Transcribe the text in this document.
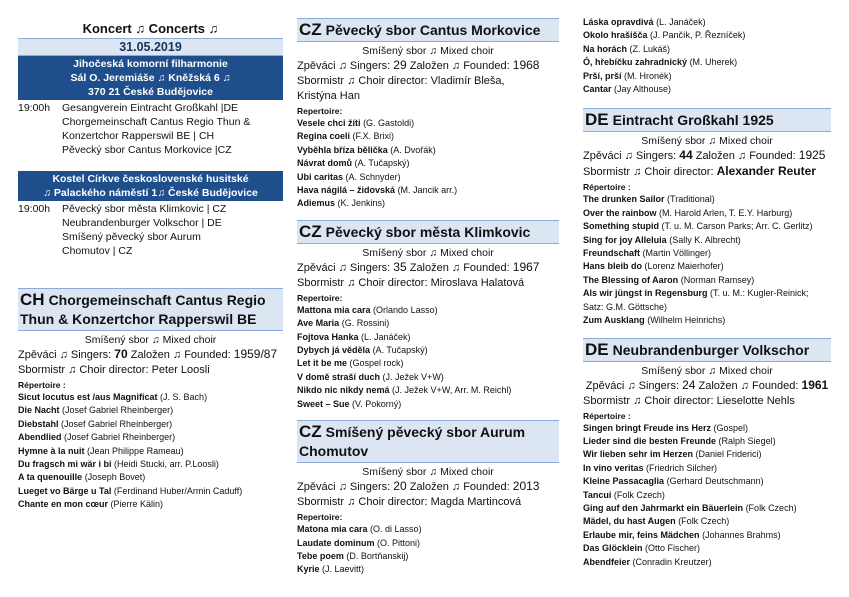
Koncert ♫ Concerts ♫
31.05.2019
Jihočeská komorní filharmonie
Sál O. Jeremiáše ♫ Kněžská 6 ♫
370 21 České Budějovice
19:00h	Gesangverein Eintracht Großkahl |DE
Chorgemeinschaft Cantus Regio Thun &
Konzertchor Rapperswil BE | CH
Pěvecký sbor Cantus Morkovice |CZ
Kostel Církve československé husitské
♫ Palackého náměstí 1♫ České Budějovice
19:00h	Pěvecký sbor města Klimkovic | CZ
Neubrandenburger Volkschor | DE
Smíšený pěvecký sbor Aurum
Chomutov | CZ
CH Chorgemeinschaft Cantus Regio
Thun & Konzertchor Rapperswil BE
Smíšený sbor ♫ Mixed choir
Zpěváci ♫ Singers: 70 Založen ♫ Founded: 1959/87
Sbormistr ♫ Choir director: Peter Loosli
Répertoire :
Sicut locutus est /aus Magnificat (J. S. Bach)
Die Nacht (Josef Gabriel Rheinberger)
Diebstahl (Josef Gabriel Rheinberger)
Abendlied (Josef Gabriel Rheinberger)
Hymne à la nuit (Jean Philippe Rameau)
Du fragsch mi wär i bi (Heidi Stucki, arr. P.Loosli)
A ta quenouille (Joseph Bovet)
Lueget vo Bärge u Tal (Ferdinand Huber/Armin Caduff)
Chante en mon cœur (Pierre Kälin)
CZ Pěvecký sbor Cantus Morkovice
Smíšený sbor ♫ Mixed choir
Zpěváci ♫ Singers: 29 Založen ♫ Founded: 1968
Sbormistr ♫ Choir director: Vladimír Bleša,
Kristýna Han
Repertoire:
Vesele chci žíti (G. Gastoldi)
Regina coeli (F.X. Brixi)
Vyběhla bříza bělička (A. Dvořák)
Návrat domů (A. Tučapský)
Ubi caritas (A. Schnyder)
Hava nágilá – židovská (M. Jancik arr.)
Adiemus (K. Jenkins)
CZ Pěvecký sbor města Klimkovic
Smíšený sbor ♫ Mixed choir
Zpěváci ♫ Singers: 35 Založen ♫ Founded: 1967
Sbormistr ♫ Choir director: Miroslava Halatová
Repertoire:
Mattona mia cara (Orlando Lasso)
Ave Maria (G. Rossini)
Fojtova Hanka (L. Janáček)
Dybych já věděla (A. Tučapský)
Let it be me (Gospel rock)
V domě straší duch (J. Ježek V+W)
Nikdo nic nikdy nemá (J. Ježek V+W, Arr. M. Reichl)
Sweet – Sue (V. Pokorný)
CZ Smíšený pěvecký sbor Aurum
Chomutov
Smíšený sbor ♫ Mixed choir
Zpěváci ♫ Singers: 20 Založen ♫ Founded: 2013
Sbormistr ♫ Choir director: Magda Martincová
Repertoire:
Matona mia cara (O. di Lasso)
Laudate dominum (O. Pittoni)
Tebe poem (D. Bortňanskij)
Kyrie (J. Laevitt)
Láska opravdivá (L. Janáček)
Okolo hrašišča (J. Pančík, P. Řezníček)
Na horách (Z. Lukáš)
Ó, hřebíčku zahradnický (M. Uherek)
Prší, prší (M. Hronék)
Cantar (Jay Althouse)
DE Eintracht Großkahl 1925
Smíšený sbor ♫ Mixed choir
Zpěváci ♫ Singers: 44 Založen ♫ Founded: 1925
Sbormistr ♫ Choir director: Alexander Reuter
Répertoire :
The drunken Sailor (Traditional)
Over the rainbow (M. Harold Arlen, T. E.Y. Harburg)
Something stupid (T. u. M. Carson Parks; Arr. C. Gerlitz)
Sing for joy Alleluia (Sally K. Albrecht)
Freundschaft (Martin Völlinger)
Hans bleib do (Lorenz Maierhofer)
The Blessing of Aaron (Norman Ramsey)
Als wir jüngst in Regensburg (T. u. M.: Kugler-Reinick;
Satz: G.M. Göttsche)
Zum Ausklang (Wilhelm Heinrichs)
DE Neubrandenburger Volkschor
Smíšený sbor ♫ Mixed choir
Zpěváci ♫ Singers: 24 Založen ♫ Founded: 1961
Sbormistr ♫ Choir director: Lieselotte Nehls
Répertoire :
Singen bringt Freude ins Herz (Gospel)
Lieder sind die besten Freunde (Ralph Siegel)
Wir lieben sehr im Herzen (Daniel Friderici)
In vino veritas (Friedrich Silcher)
Kleine Passacaglia (Gerhard Deutschmann)
Tancui (Folk Czech)
Ging auf den Jahrmarkt ein Bäuerlein (Folk Czech)
Mädel, du hast Augen (Folk Czech)
Erlaube mir, feins Mädchen (Johannes Brahms)
Das Glöcklein (Otto Fischer)
Abendfeier (Conradin Kreutzer)
